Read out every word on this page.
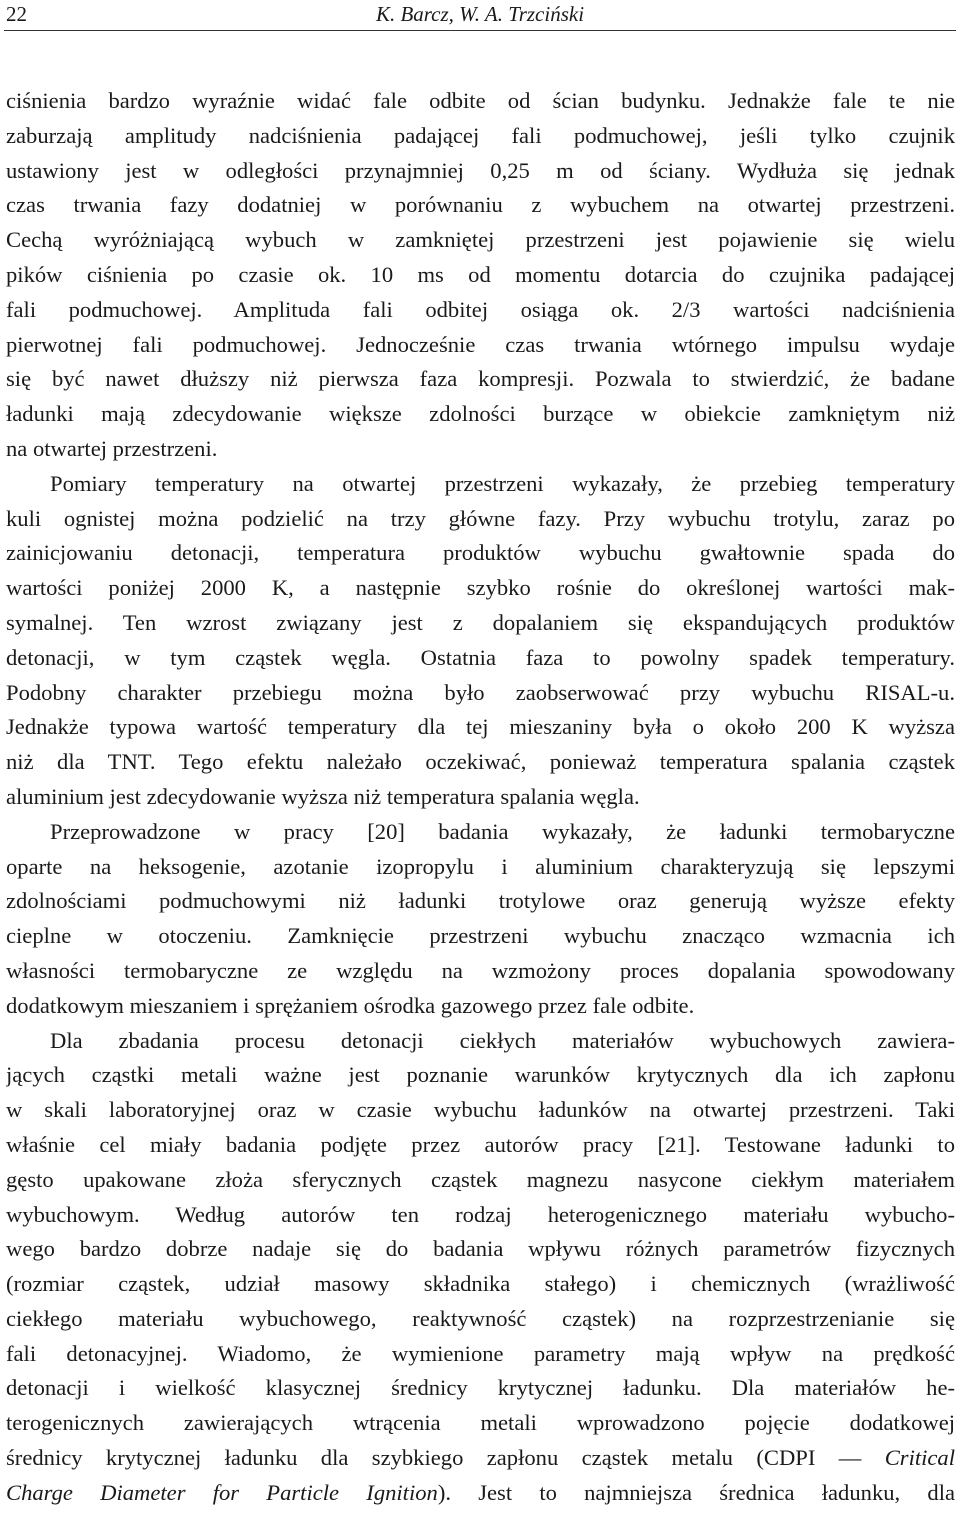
22	K. Barcz, W. A. Trzciński
ciśnienia bardzo wyraźnie widać fale odbite od ścian budynku. Jednakże fale te nie
zaburzają amplitudy nadciśnienia padającej fali podmuchowej, jeśli tylko czujnik
ustawiony jest w odległości przynajmniej 0,25 m od ściany. Wydłuża się jednak
czas trwania fazy dodatniej w porównaniu z wybuchem na otwartej przestrzeni.
Cechą wyróżniającą wybuch w zamkniętej przestrzeni jest pojawienie się wielu
pików ciśnienia po czasie ok. 10 ms od momentu dotarcia do czujnika padającej
fali podmuchowej. Amplituda fali odbitej osiąga ok. 2/3 wartości nadciśnienia
pierwotnej fali podmuchowej. Jednocześnie czas trwania wtórnego impulsu wydaje
się być nawet dłuższy niż pierwsza faza kompresji. Pozwala to stwierdzić, że badane
ładunki mają zdecydowanie większe zdolności burzące w obiekcie zamkniętym niż
na otwartej przestrzeni.
Pomiary temperatury na otwartej przestrzeni wykazały, że przebieg temperatury
kuli ognistej można podzielić na trzy główne fazy. Przy wybuchu trotylu, zaraz po
zainicjowaniu detonacji, temperatura produktów wybuchu gwałtownie spada do
wartości poniżej 2000 K, a następnie szybko rośnie do określonej wartości mak-
symalnej. Ten wzrost związany jest z dopalaniem się ekspandujących produktów
detonacji, w tym cząstek węgla. Ostatnia faza to powolny spadek temperatury.
Podobny charakter przebiegu można było zaobserwować przy wybuchu RISAL-u.
Jednakże typowa wartość temperatury dla tej mieszaniny była o około 200 K wyższa
niż dla TNT. Tego efektu należało oczekiwać, ponieważ temperatura spalania cząstek
aluminium jest zdecydowanie wyższa niż temperatura spalania węgla.
Przeprowadzone w pracy [20] badania wykazały, że ładunki termobaryczne
oparte na heksogenie, azotanie izopropylu i aluminium charakteryzują się lepszymi
zdolnościami podmuchowymi niż ładunki trotylowe oraz generują wyższe efekty
cieplne w otoczeniu. Zamknięcie przestrzeni wybuchu znacząco wzmacnia ich
własności termobaryczne ze względu na wzmożony proces dopalania spowodowany
dodatkowym mieszaniem i sprężaniem ośrodka gazowego przez fale odbite.
Dla zbadania procesu detonacji ciekłych materiałów wybuchowych zawiera-
jących cząstki metali ważne jest poznanie warunków krytycznych dla ich zapłonu
w skali laboratoryjnej oraz w czasie wybuchu ładunków na otwartej przestrzeni. Taki
właśnie cel miały badania podjęte przez autorów pracy [21]. Testowane ładunki to
gęsto upakowane złoża sferycznych cząstek magnezu nasycone ciekłym materiałem
wybuchowym. Według autorów ten rodzaj heterogenicznego materiału wybucho-
wego bardzo dobrze nadaje się do badania wpływu różnych parametrów fizycznych
(rozmiar cząstek, udział masowy składnika stałego) i chemicznych (wrażliwość
ciekłego materiału wybuchowego, reaktywność cząstek) na rozprzestrzenianie się
fali detonacyjnej. Wiadomo, że wymienione parametry mają wpływ na prędkość
detonacji i wielkość klasycznej średnicy krytycznej ładunku. Dla materiałów he-
terogenicznych zawierających wtrącenia metali wprowadzono pojęcie dodatkowej
średnicy krytycznej ładunku dla szybkiego zapłonu cząstek metalu (CDPI — Critical
Charge Diameter for Particle Ignition). Jest to najmniejsza średnica ładunku, dla
